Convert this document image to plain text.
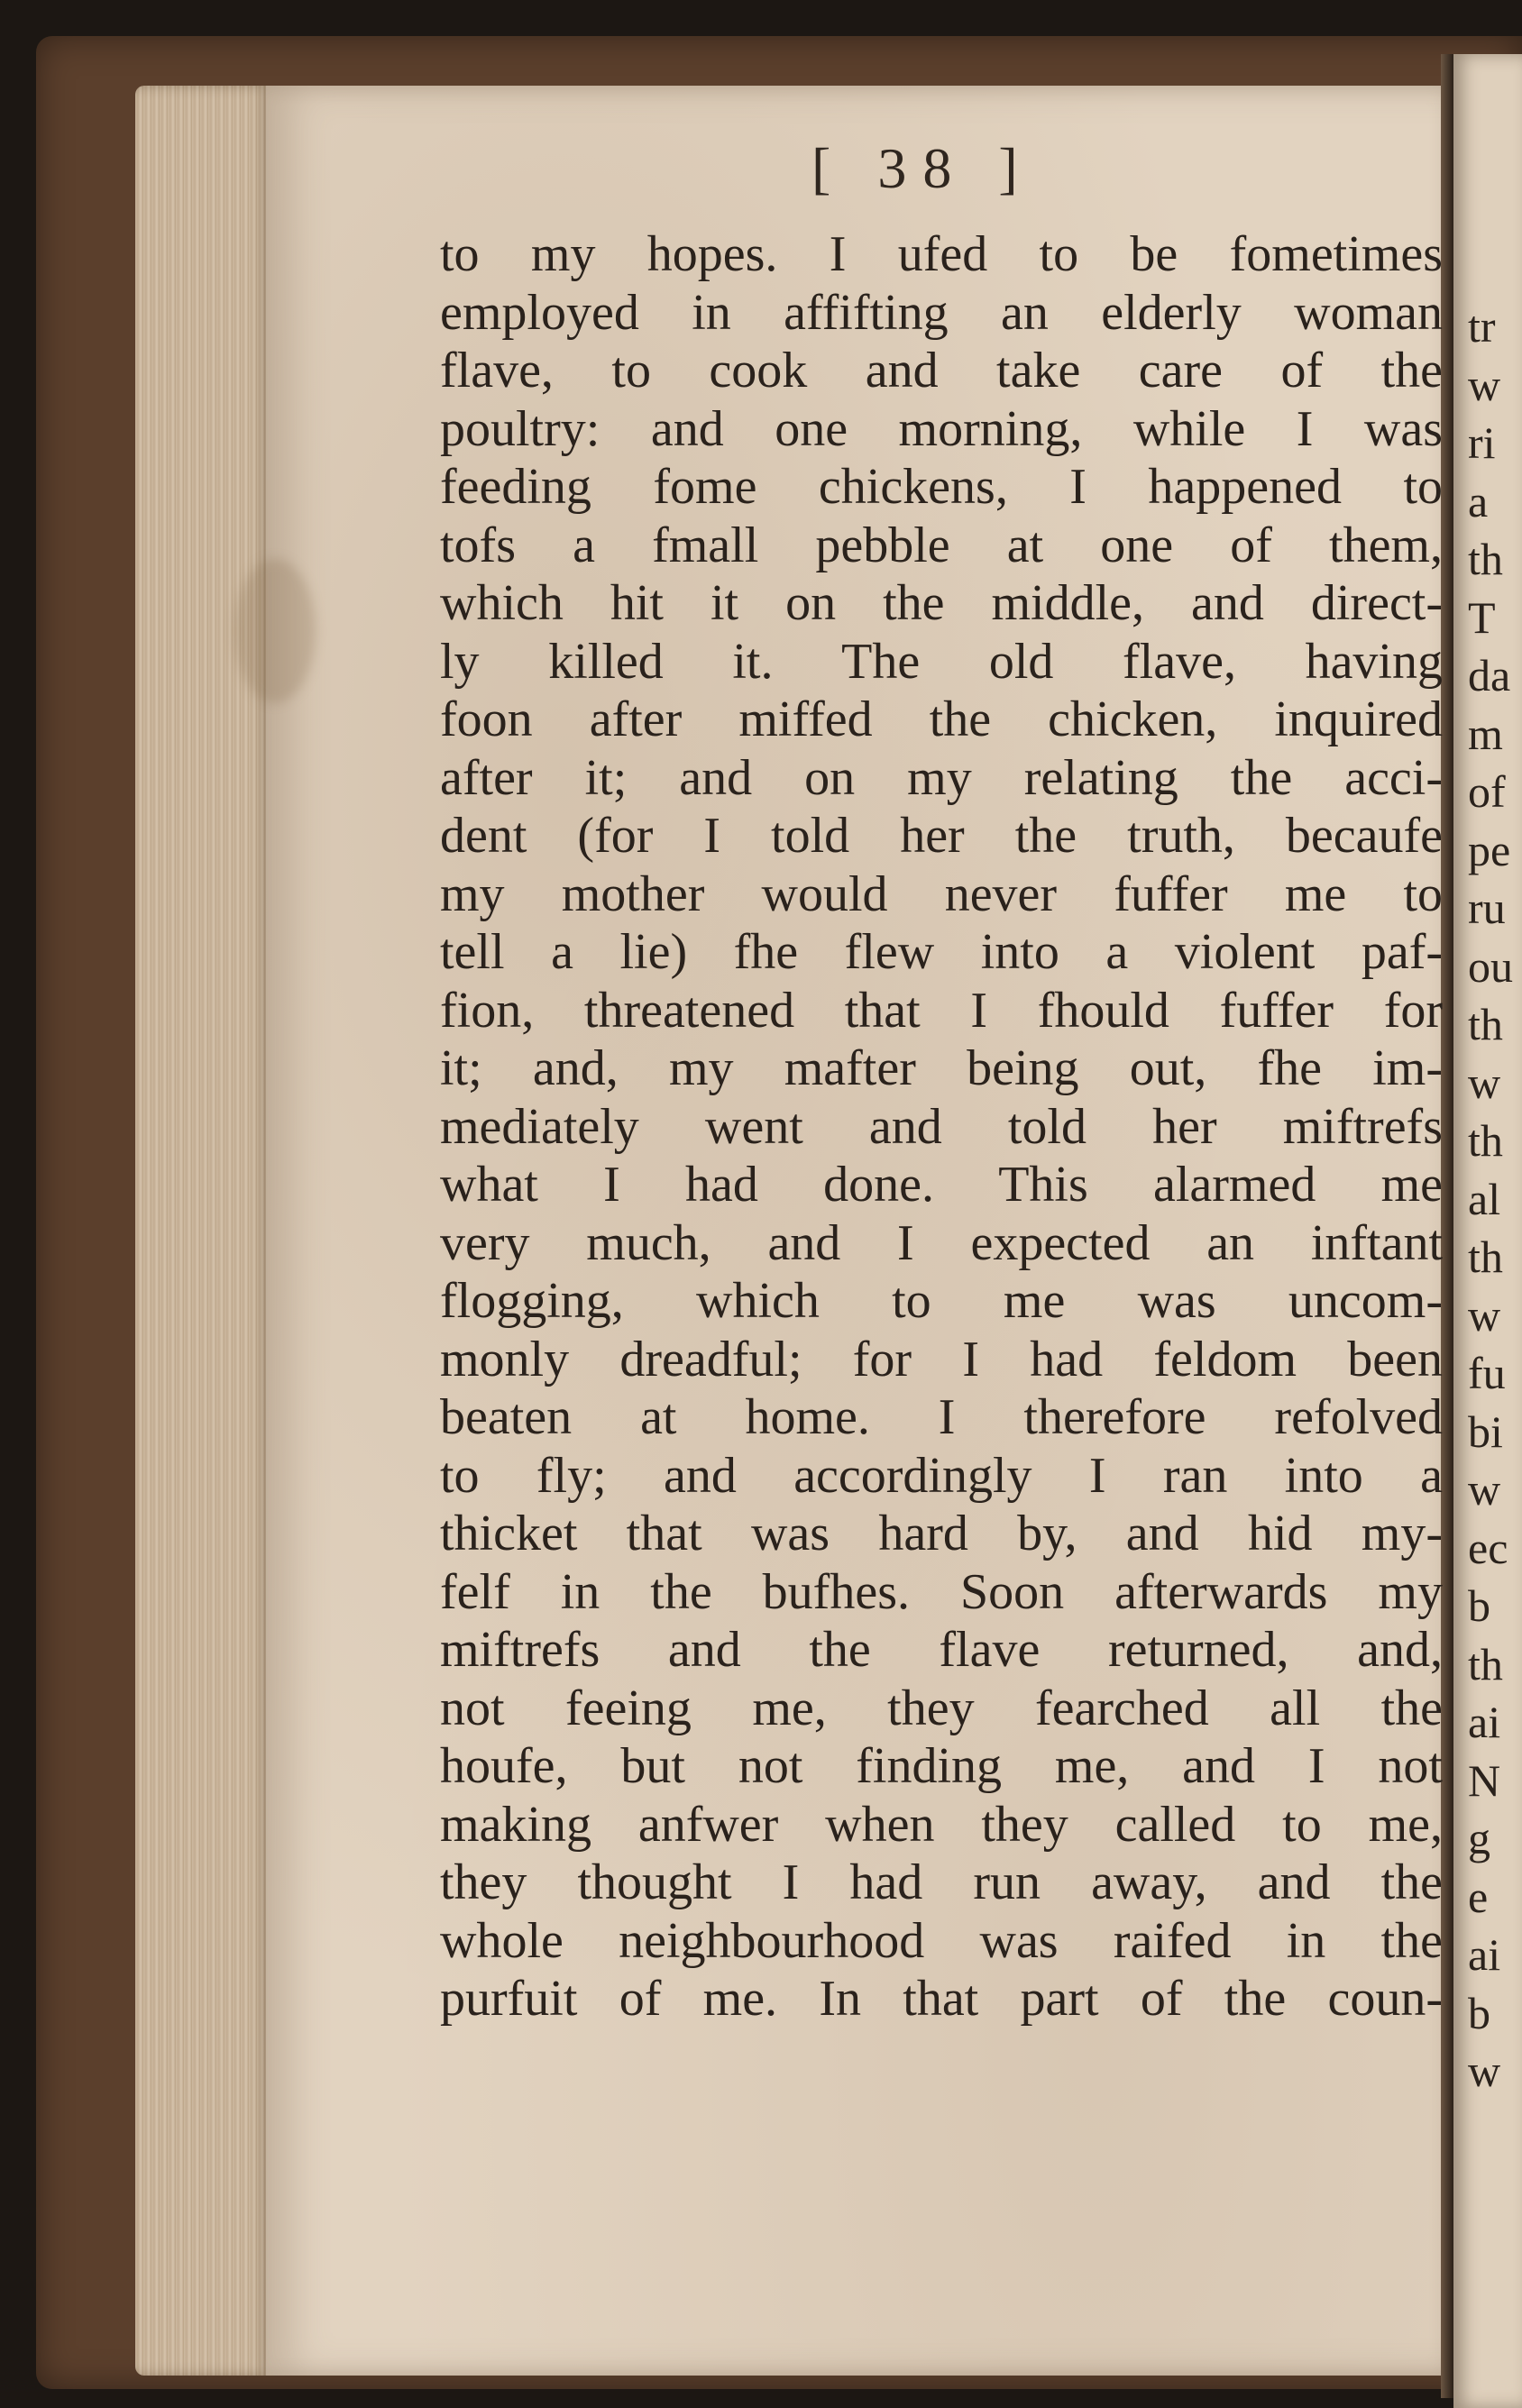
[ 38 ]
to my hopes. I ufed to be fometimes
employed in affifting an elderly woman
flave, to cook and take care of the
poultry: and one morning, while I was
feeding fome chickens, I happened to
tofs a fmall pebble at one of them,
which hit it on the middle, and direct-
ly killed it. The old flave, having
foon after miffed the chicken, inquired
after it; and on my relating the acci-
dent (for I told her the truth, becaufe
my mother would never fuffer me to
tell a lie) fhe flew into a violent paf-
fion, threatened that I fhould fuffer for
it; and, my mafter being out, fhe im-
mediately went and told her miftrefs
what I had done. This alarmed me
very much, and I expected an inftant
flogging, which to me was uncom-
monly dreadful; for I had feldom been
beaten at home. I therefore refolved
to fly; and accordingly I ran into a
thicket that was hard by, and hid my-
felf in the bufhes. Soon afterwards my
miftrefs and the flave returned, and,
not feeing me, they fearched all the
houfe, but not finding me, and I not
making anfwer when they called to me,
they thought I had run away, and the
whole neighbourhood was raifed in the
purfuit of me. In that part of the coun-
tr
w
ri
a
th
T
da
m
of
pe
ru
ou
th
w
th
al
th
w
fu
bi
w
ec
b
th
ai
N
g
e
ai
b
w
